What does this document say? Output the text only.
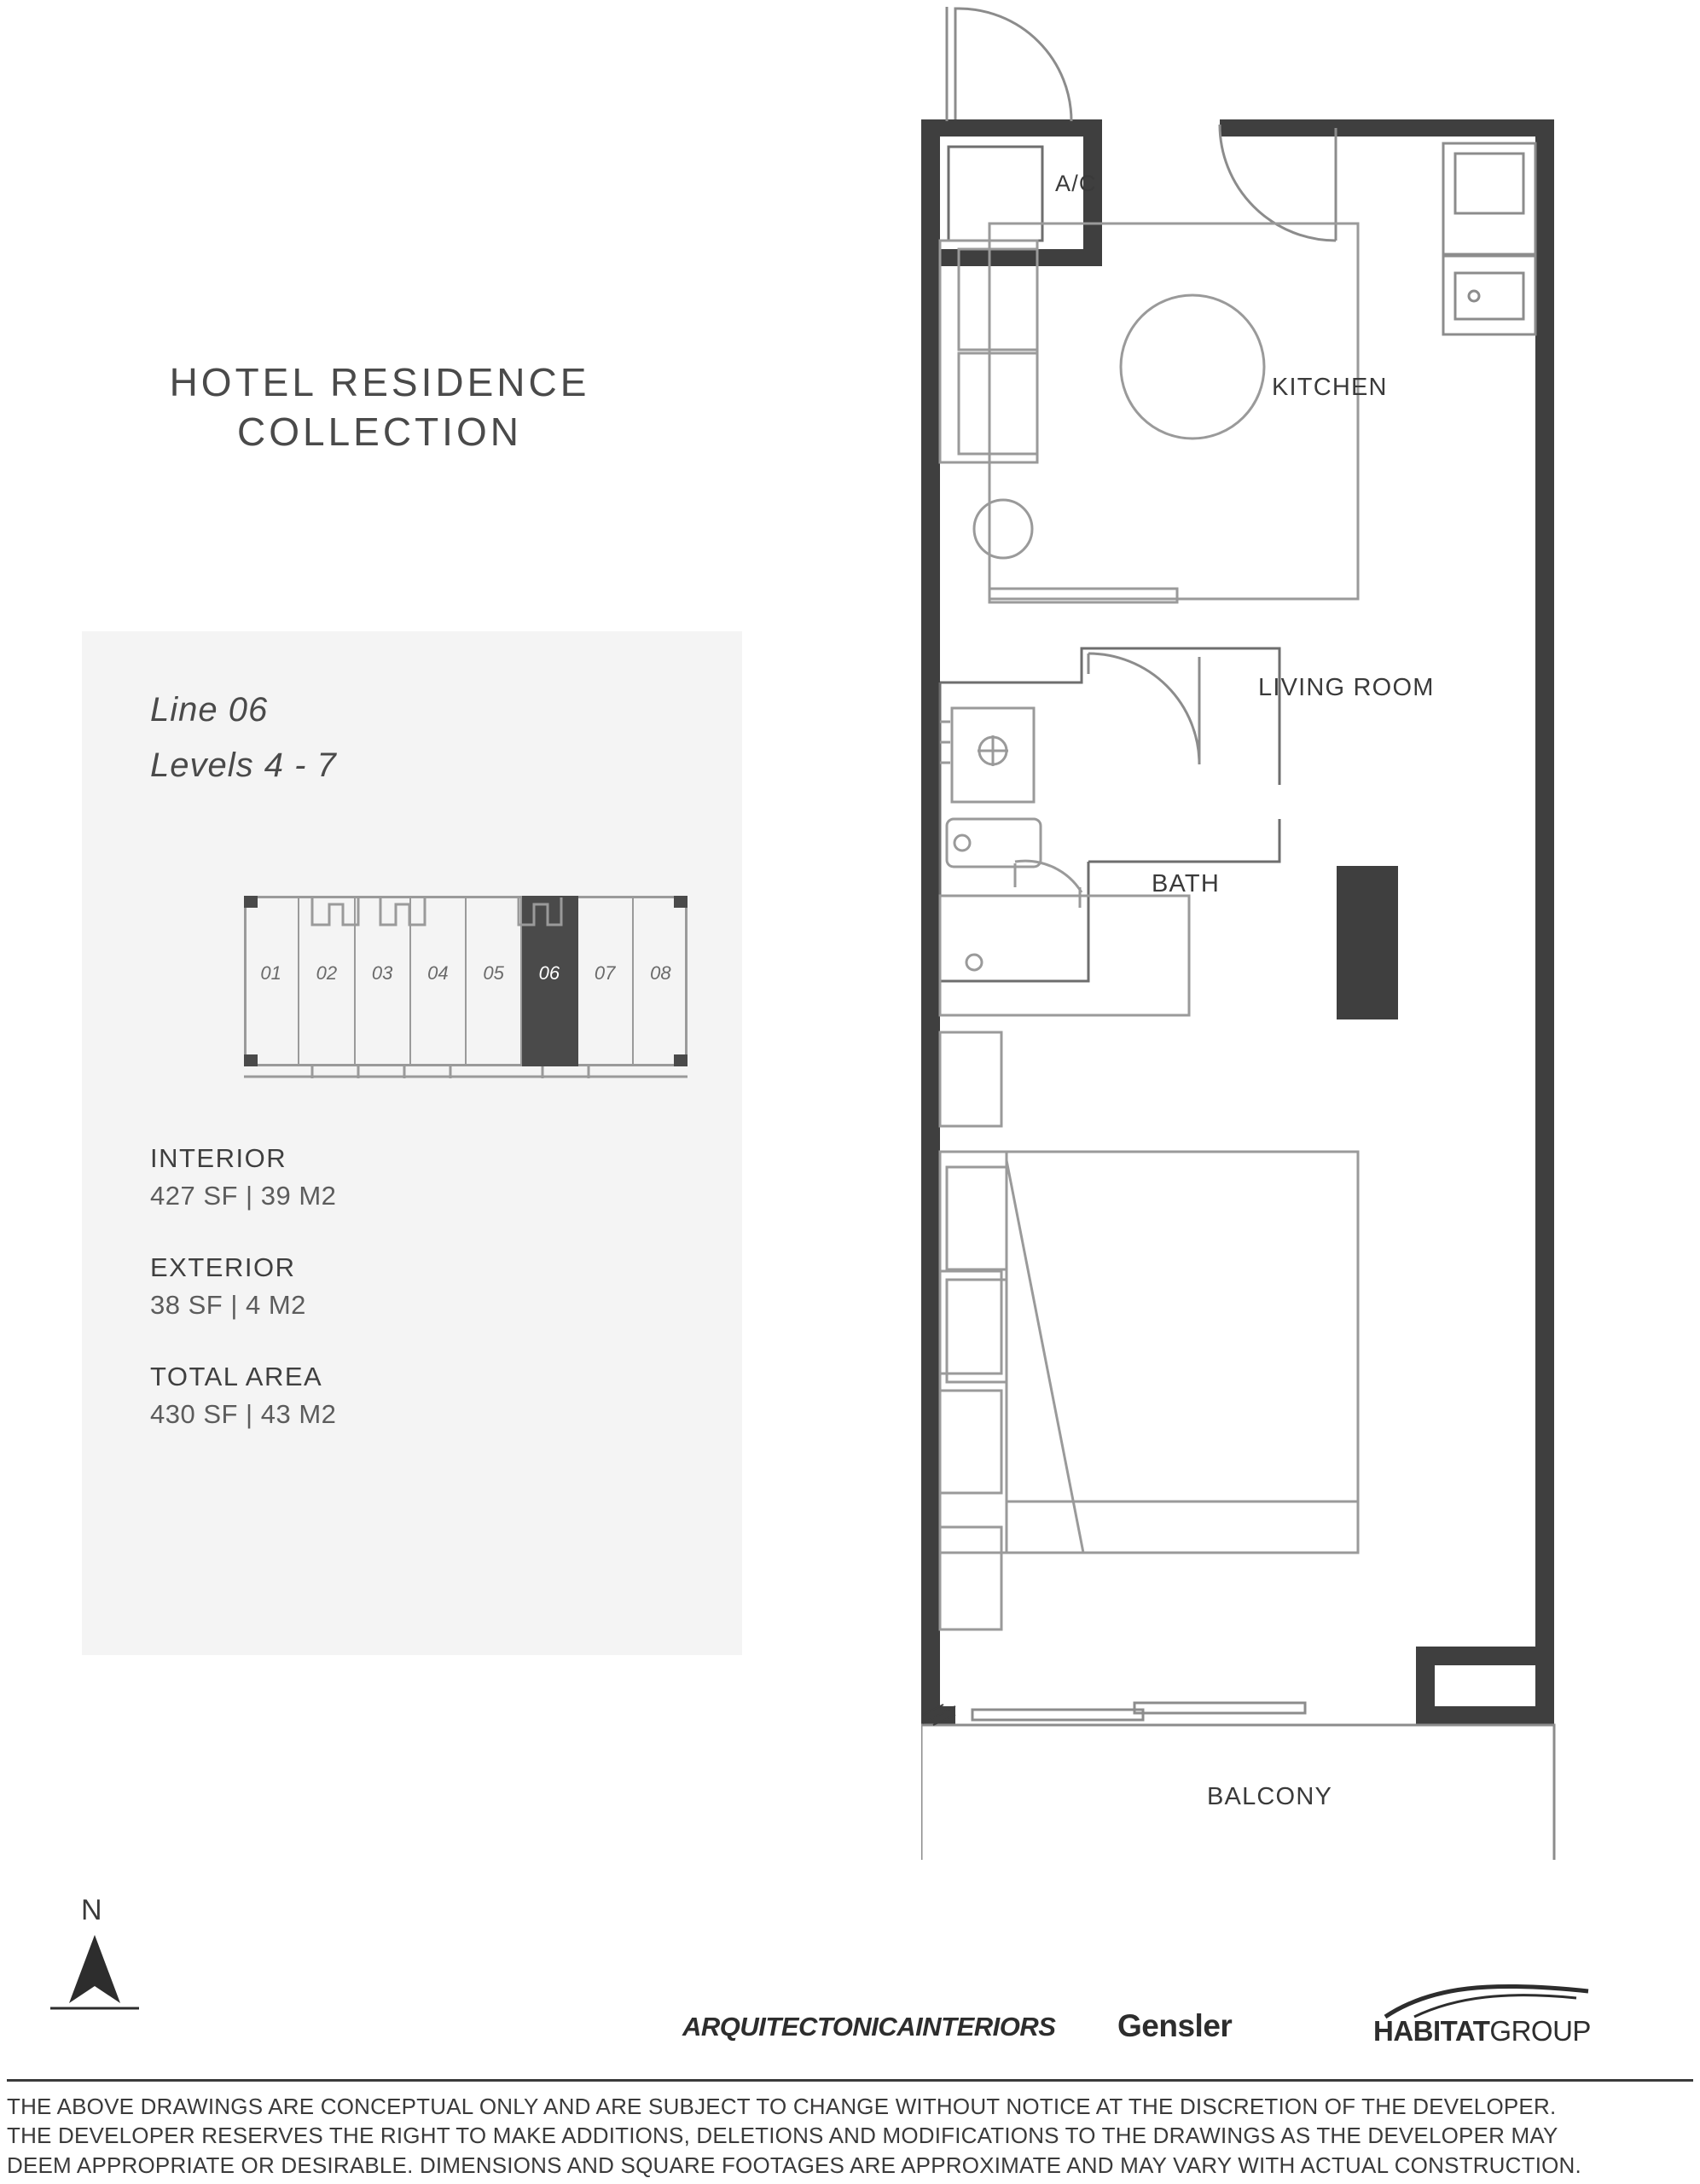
HOTEL RESIDENCE
COLLECTION
Line 06
Levels 4 - 7
01	02	03	04	05	06	07	08
INTERIOR
427 SF | 39 M2
EXTERIOR
38 SF | 4 M2
TOTAL AREA
430 SF | 43 M2
A/C
KITCHEN
LIVING ROOM
BATH
BALCONY
N
ARQUITECTONICAINTERIORS Gensler	HABITATGROUP
THE ABOVE DRAWINGS ARE CONCEPTUAL ONLY AND ARE SUBJECT TO CHANGE WITHOUT NOTICE AT THE DISCRETION OF THE DEVELOPER.
THE DEVELOPER RESERVES THE RIGHT TO MAKE ADDITIONS, DELETIONS AND MODIFICATIONS TO THE DRAWINGS AS THE DEVELOPER MAY
DEEM APPROPRIATE OR DESIRABLE. DIMENSIONS AND SQUARE FOOTAGES ARE APPROXIMATE AND MAY VARY WITH ACTUAL CONSTRUCTION.
